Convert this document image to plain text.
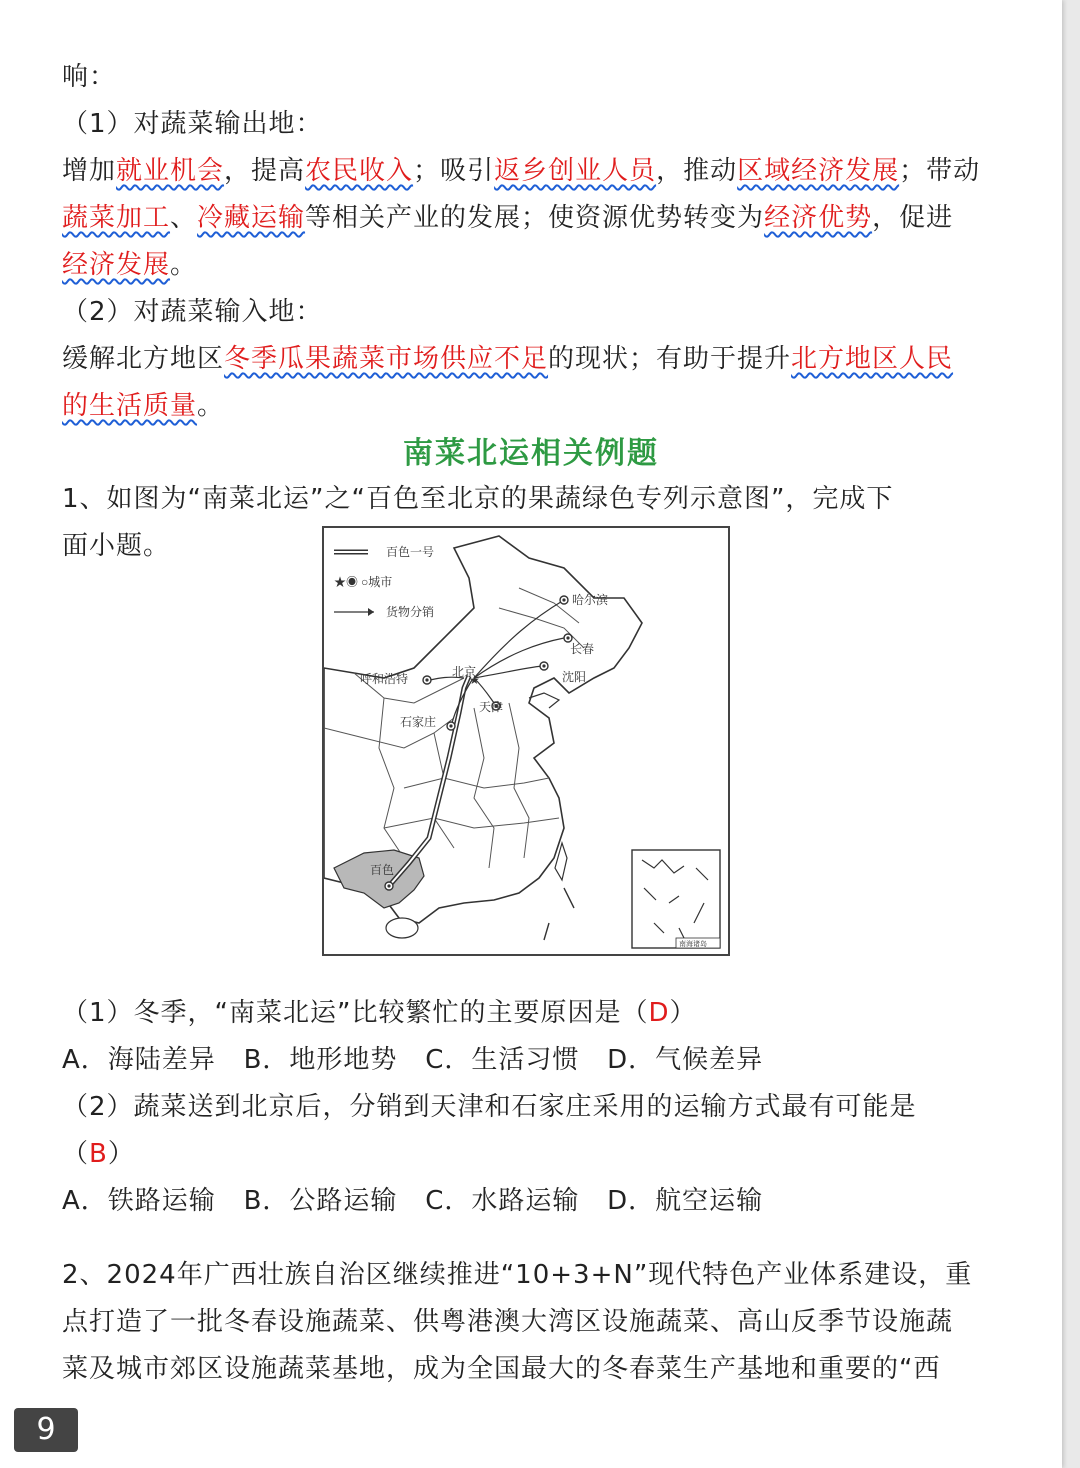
响：
（1）对蔬菜输出地：
增加就业机会，提高农民收入；吸引返乡创业人员，推动区域经济发展；带动
蔬菜加工、冷藏运输等相关产业的发展；使资源优势转变为经济优势，促进
经济发展。
（2）对蔬菜输入地：
缓解北方地区冬季瓜果蔬菜市场供应不足的现状；有助于提升北方地区人民
的生活质量。
南菜北运相关例题
1、如图为“南菜北运”之“百色至北京的果蔬绿色专列示意图”，完成下
面小题。
★
哈尔滨
长春
沈阳
北京
天津
呼和浩特
石家庄
百色
百色一号
★◉ ○城市
货物分销
南海诸岛
（1）冬季，“南菜北运”比较繁忙的主要原因是（D）
A．海陆差异   B．地形地势   C．生活习惯   D．气候差异
（2）蔬菜送到北京后，分销到天津和石家庄采用的运输方式最有可能是
（B）
A．铁路运输   B．公路运输   C．水路运输   D．航空运输
2、2024年广西壮族自治区继续推进“10+3+N”现代特色产业体系建设，重
点打造了一批冬春设施蔬菜、供粤港澳大湾区设施蔬菜、高山反季节设施蔬
菜及城市郊区设施蔬菜基地，成为全国最大的冬春菜生产基地和重要的“西
9
